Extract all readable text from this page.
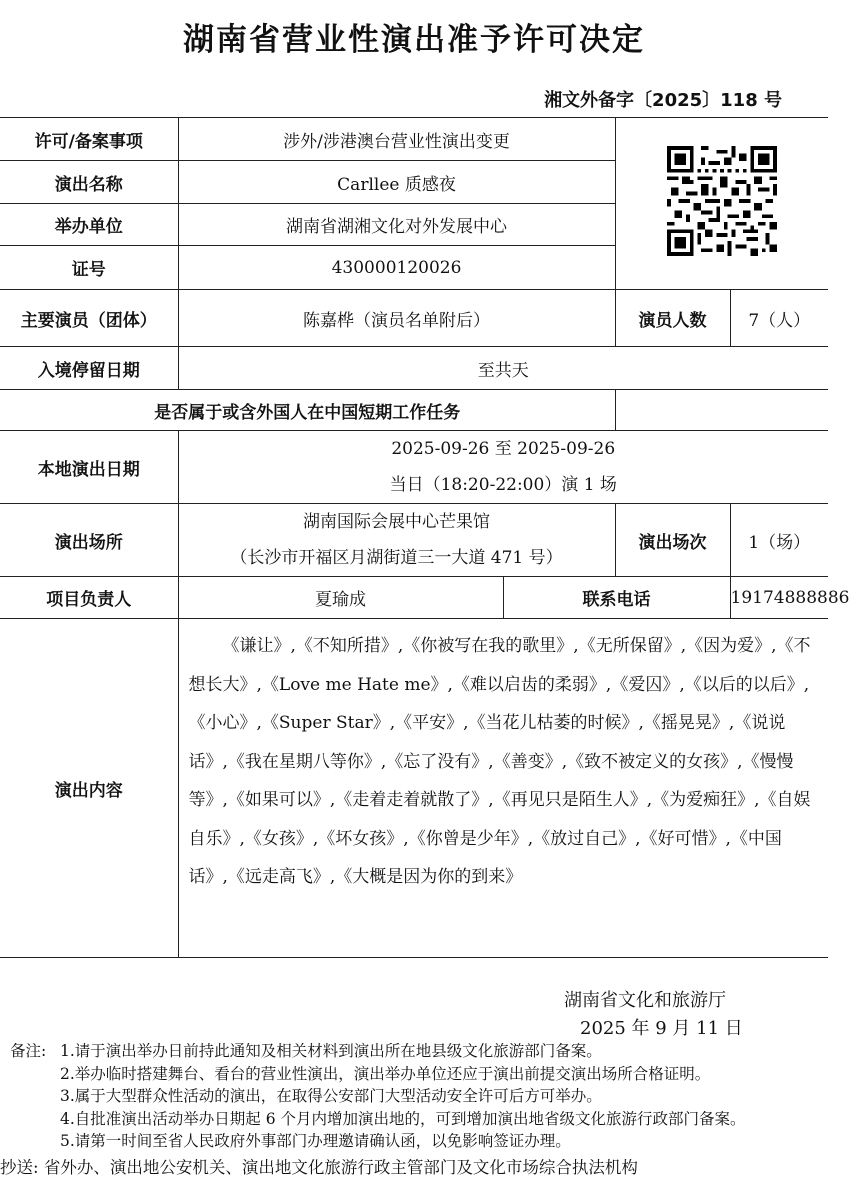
湖南省营业性演出准予许可决定
湘文外备字〔2025〕118 号
许可/备案事项	涉外/涉港澳台营业性演出变更	
演出名称	Carllee 质感夜			
举办单位	湖南省湖湘文化对外发展中心			
证号	430000120026			
主要演员（团体）	陈嘉桦（演员名单附后）		演员人数	7（人）
入境停留日期	至共天			
是否属于或含外国人在中国短期工作任务				
本地演出日期	2025-09-26 至 2025-09-26
当日（18:20-22:00）演 1 场			

演出场所	湖南国际会展中心芒果馆
（长沙市开福区月湖街道三一大道 471 号）		演出场次	1（场）
项目负责人	夏瑜成	联系电话		19174888886
演出内容	《谦让》,《不知所措》,《你被写在我的歌里》,《无所保留》,《因为爱》,《不想长大》,《Love me Hate me》,《难以启齿的柔弱》,《爱囚》,《以后的以后》,《小心》,《Super Star》,《平安》,《当花儿枯萎的时候》,《摇晃晃》,《说说话》,《我在星期八等你》,《忘了没有》,《善变》,《致不被定义的女孩》,《慢慢等》,《如果可以》,《走着走着就散了》,《再见只是陌生人》,《为爱痴狂》,《自娱自乐》,《女孩》,《坏女孩》,《你曾是少年》,《放过自己》,《好可惜》,《中国话》,《远走高飞》,《大概是因为你的到来》			

湖南省文化和旅游厅
2025 年 9 月 11 日
备注: 1.请于演出举办日前持此通知及相关材料到演出所在地县级文化旅游部门备案。
2.举办临时搭建舞台、看台的营业性演出，演出举办单位还应于演出前提交演出场所合格证明。
3.属于大型群众性活动的演出，在取得公安部门大型活动安全许可后方可举办。
4.自批准演出活动举办日期起 6 个月内增加演出地的，可到增加演出地省级文化旅游行政部门备案。
5.请第一时间至省人民政府外事部门办理邀请确认函，以免影响签证办理。
抄送: 省外办、演出地公安机关、演出地文化旅游行政主管部门及文化市场综合执法机构
